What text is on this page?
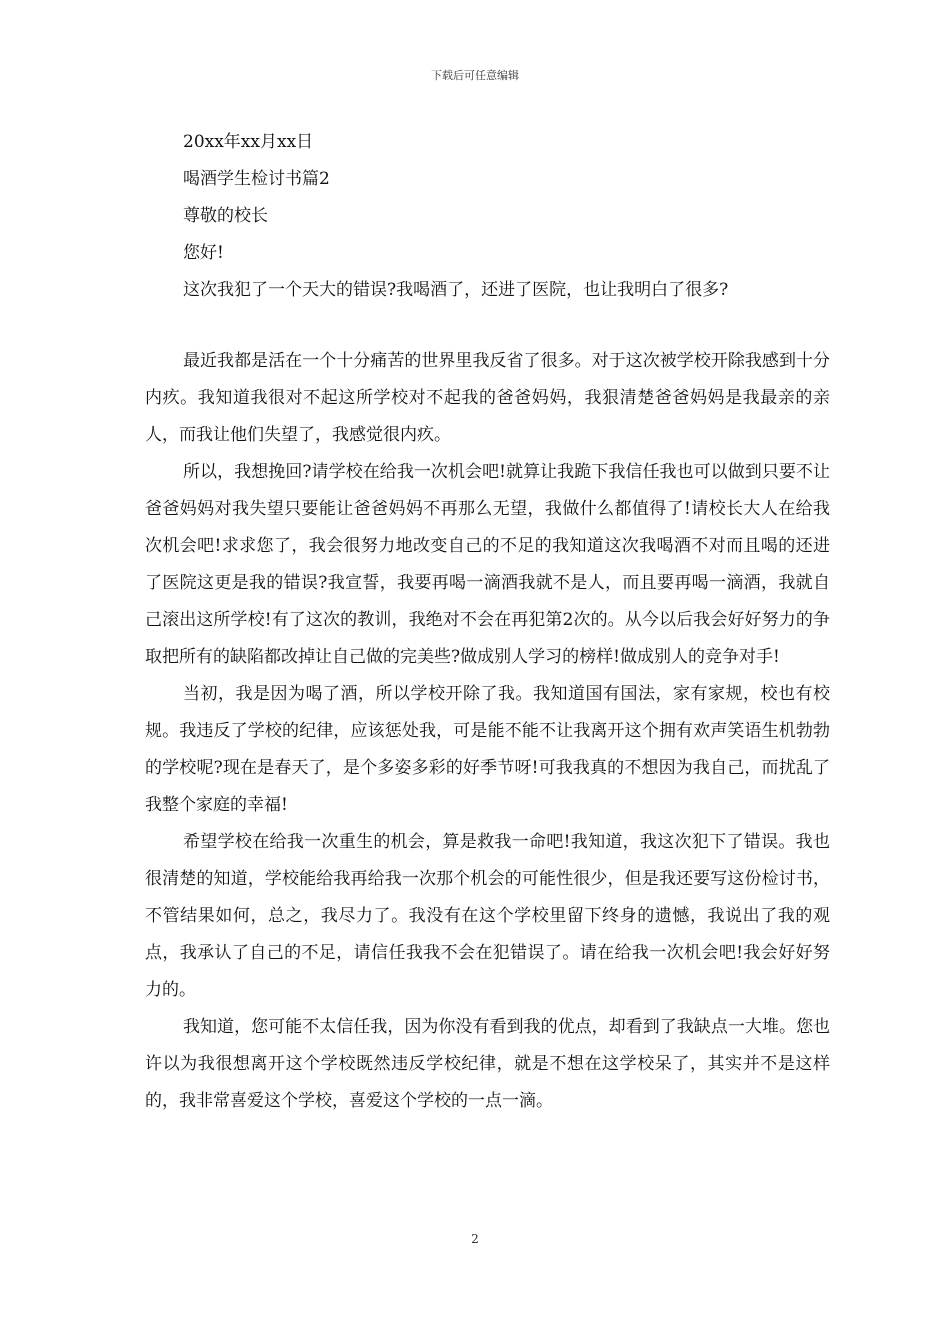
下载后可任意编辑
20xx年xx月xx日
喝酒学生检讨书篇2
尊敬的校长
您好!
这次我犯了一个天大的错误?我喝酒了，还进了医院，也让我明白了很多?

最近我都是活在一个十分痛苦的世界里我反省了很多。对于这次被学校开除我感到十分内疚。我知道我很对不起这所学校对不起我的爸爸妈妈，我狠清楚爸爸妈妈是我最亲的亲人，而我让他们失望了，我感觉很内疚。

所以，我想挽回?请学校在给我一次机会吧!就算让我跪下我信任我也可以做到只要不让爸爸妈妈对我失望只要能让爸爸妈妈不再那么无望，我做什么都值得了!请校长大人在给我次机会吧!求求您了，我会很努力地改变自己的不足的我知道这次我喝酒不对而且喝的还进了医院这更是我的错误?我宣誓，我要再喝一滴酒我就不是人，而且要再喝一滴酒，我就自己滚出这所学校!有了这次的教训，我绝对不会在再犯第2次的。从今以后我会好好努力的争取把所有的缺陷都改掉让自己做的完美些?做成别人学习的榜样!做成别人的竞争对手!

当初，我是因为喝了酒，所以学校开除了我。我知道国有国法，家有家规，校也有校规。我违反了学校的纪律，应该惩处我，可是能不能不让我离开这个拥有欢声笑语生机勃勃的学校呢?现在是春天了，是个多姿多彩的好季节呀!可我我真的不想因为我自己，而扰乱了我整个家庭的幸福!

希望学校在给我一次重生的机会，算是救我一命吧!我知道，我这次犯下了错误。我也很清楚的知道，学校能给我再给我一次那个机会的可能性很少，但是我还要写这份检讨书，不管结果如何，总之，我尽力了。我没有在这个学校里留下终身的遗憾，我说出了我的观点，我承认了自己的不足，请信任我我不会在犯错误了。请在给我一次机会吧!我会好好努力的。

我知道，您可能不太信任我，因为你没有看到我的优点，却看到了我缺点一大堆。您也许以为我很想离开这个学校既然违反学校纪律，就是不想在这学校呆了，其实并不是这样的，我非常喜爱这个学校，喜爱这个学校的一点一滴。

2
